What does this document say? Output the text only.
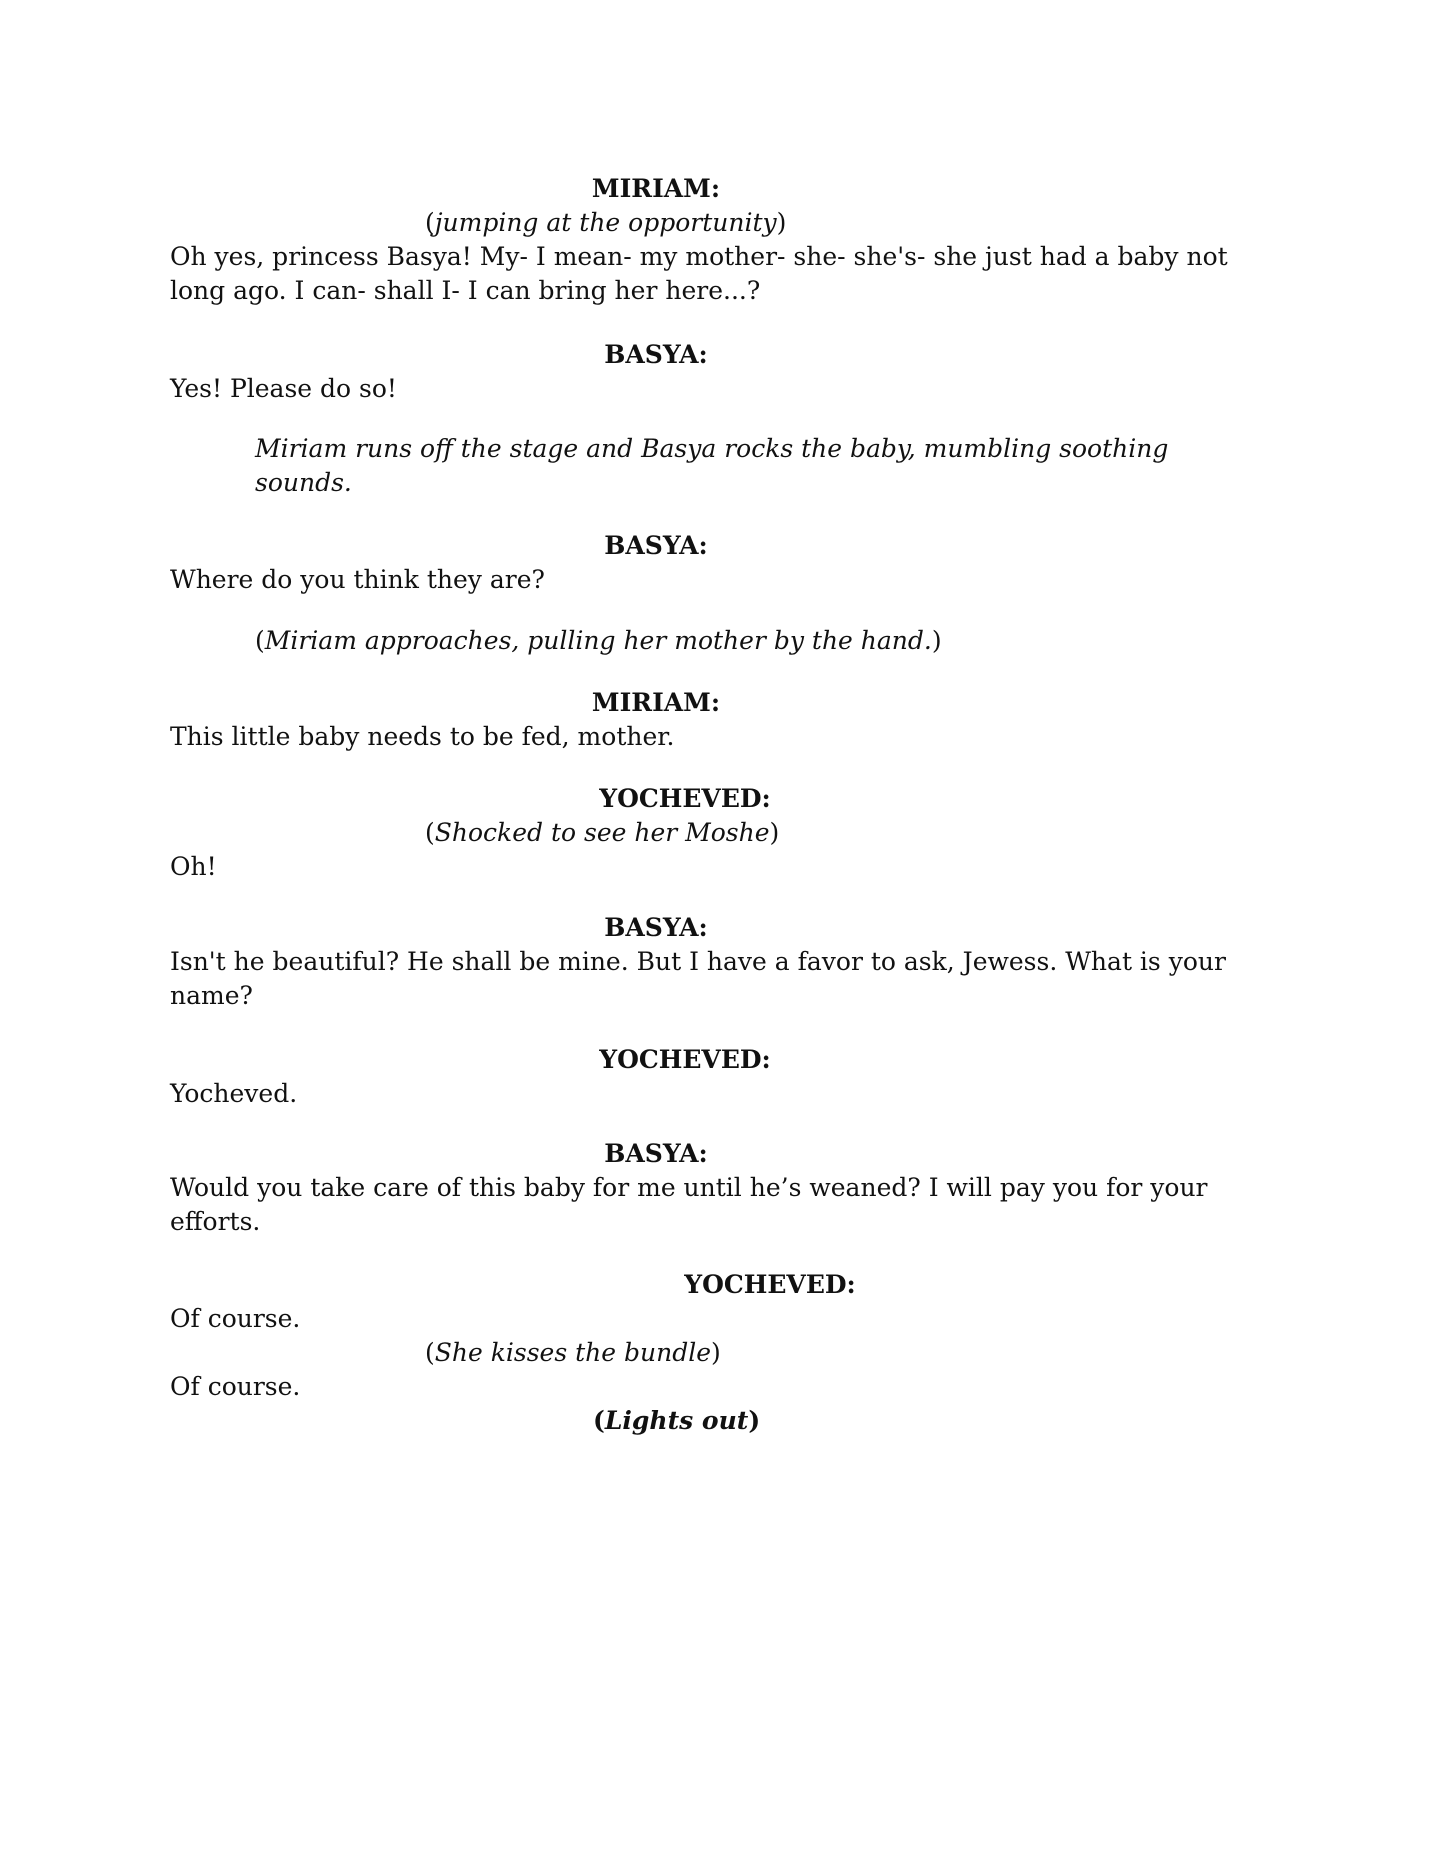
MIRIAM:
(jumping at the opportunity)
Oh yes, princess Basya! My- I mean- my mother- she- she's- she just had a baby not long ago. I can- shall I- I can bring her here...?
BASYA:
Yes! Please do so!
Miriam runs off the stage and Basya rocks the baby, mumbling soothing sounds.
BASYA:
Where do you think they are?
(Miriam approaches, pulling her mother by the hand.)
MIRIAM:
This little baby needs to be fed, mother.
YOCHEVED:
(Shocked to see her Moshe)
Oh!
BASYA:
Isn't he beautiful? He shall be mine. But I have a favor to ask, Jewess. What is your name?
YOCHEVED:
Yocheved.
BASYA:
Would you take care of this baby for me until he’s weaned? I will pay you for your efforts.
YOCHEVED:
Of course.
(She kisses the bundle)
Of course.
(Lights out)
